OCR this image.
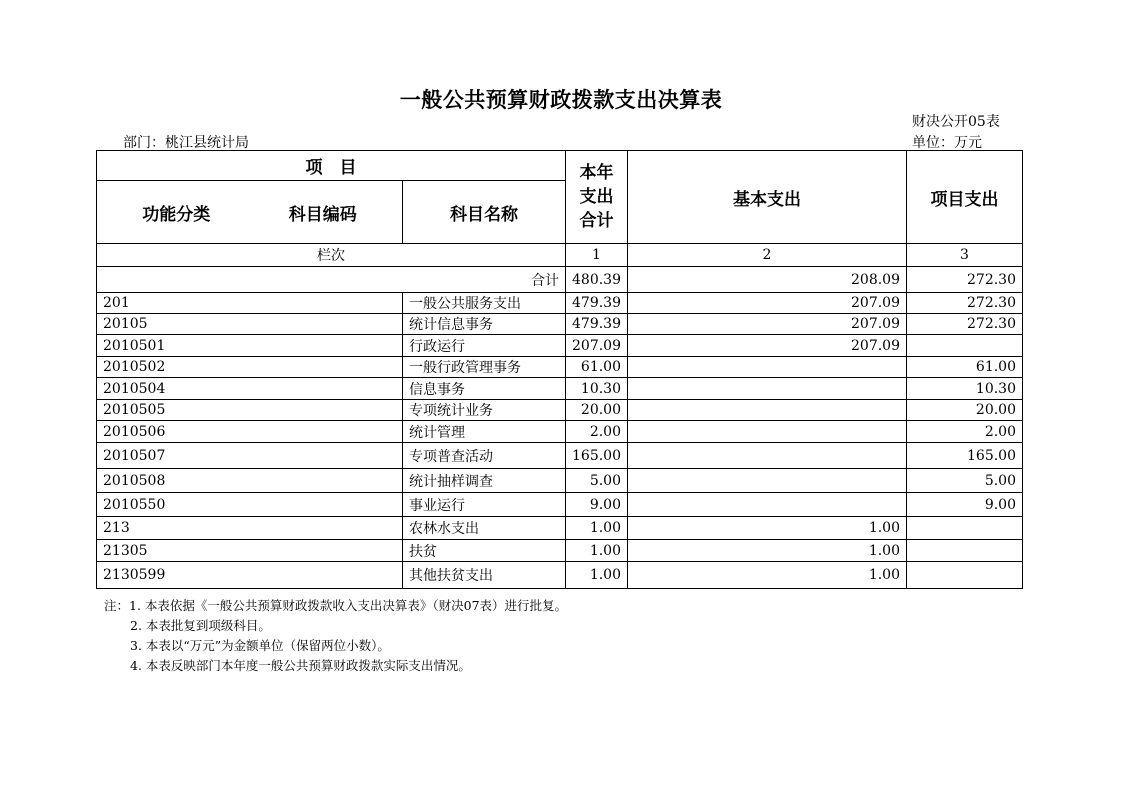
一般公共预算财政拨款支出决算表
财决公开05表
部门：桃江县统计局	单位：万元
项　目		本年支出合计	基本支出	项目支出

功能分类 科目编码	科目名称			
栏次		1	2	3
合计		480.39	208.09	272.30
201	一般公共服务支出	479.39	207.09	272.30
20105	统计信息事务	479.39	207.09	272.30
2010501	行政运行	207.09	207.09	
2010502	一般行政管理事务	61.00		61.00
2010504	信息事务	10.30		10.30
2010505	专项统计业务	20.00		20.00
2010506	统计管理	2.00		2.00
2010507	专项普查活动	165.00		165.00
2010508	统计抽样调查	5.00		5.00
2010550	事业运行	9.00		9.00
213	农林水支出	1.00	1.00	
21305	扶贫	1.00	1.00	
2130599	其他扶贫支出	1.00	1.00	
注：1. 本表依据《一般公共预算财政拨款收入支出决算表》（财决07表）进行批复。
2. 本表批复到项级科目。
3. 本表以“万元”为金额单位（保留两位小数）。
4. 本表反映部门本年度一般公共预算财政拨款实际支出情况。
